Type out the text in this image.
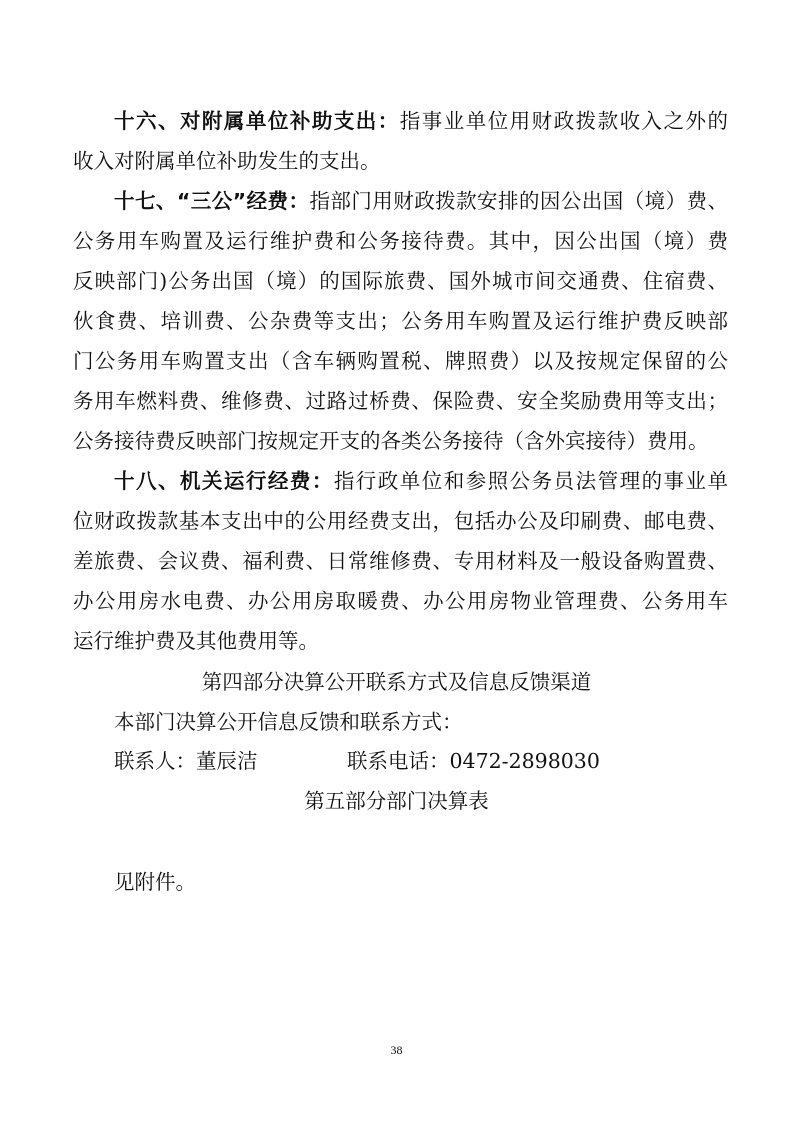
十六、对附属单位补助支出：指事业单位用财政拨款收入之外的
收入对附属单位补助发生的支出。
十七、“三公”经费：指部门用财政拨款安排的因公出国（境）费、
公务用车购置及运行维护费和公务接待费。其中，因公出国（境）费
反映部门)公务出国（境）的国际旅费、国外城市间交通费、住宿费、
伙食费、培训费、公杂费等支出；公务用车购置及运行维护费反映部
门公务用车购置支出（含车辆购置税、牌照费）以及按规定保留的公
务用车燃料费、维修费、过路过桥费、保险费、安全奖励费用等支出；
公务接待费反映部门按规定开支的各类公务接待（含外宾接待）费用。
十八、机关运行经费：指行政单位和参照公务员法管理的事业单
位财政拨款基本支出中的公用经费支出，包括办公及印刷费、邮电费、
差旅费、会议费、福利费、日常维修费、专用材料及一般设备购置费、
办公用房水电费、办公用房取暖费、办公用房物业管理费、公务用车
运行维护费及其他费用等。
第四部分决算公开联系方式及信息反馈渠道
本部门决算公开信息反馈和联系方式：
联系人：董辰洁	联系电话：0472-2898030
第五部分部门决算表
见附件。
38
